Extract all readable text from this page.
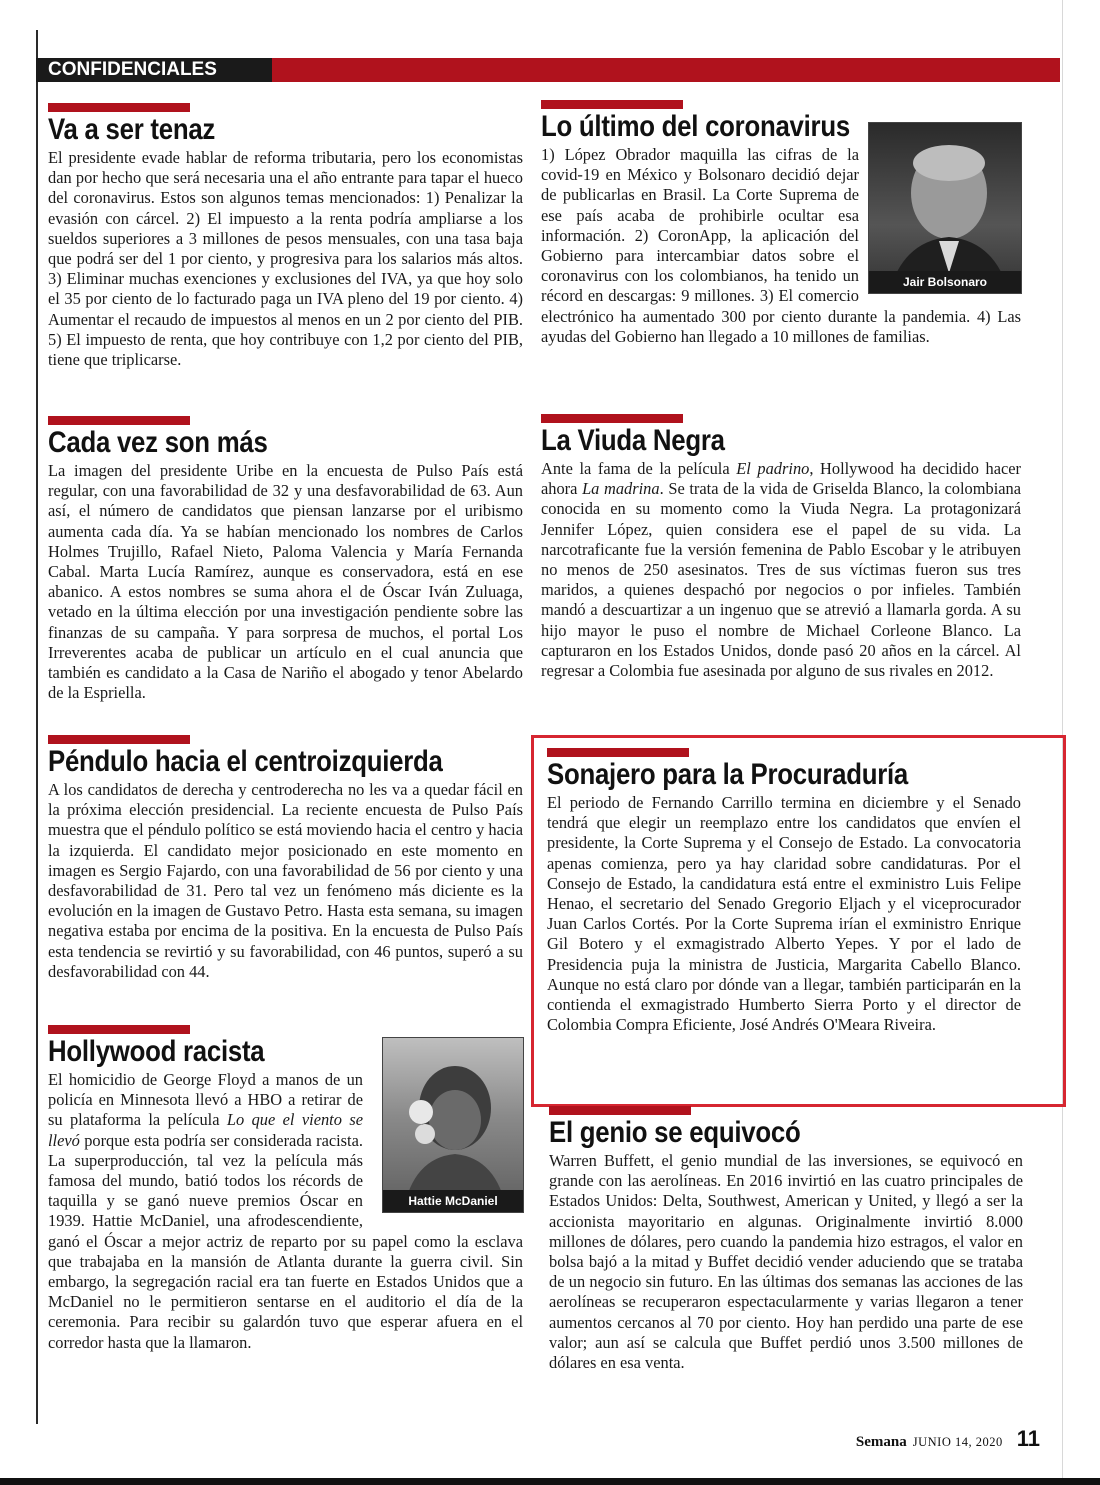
CONFIDENCIALES
Va a ser tenaz

El presidente evade hablar de reforma tributaria, pero los economistas dan por hecho que será necesaria una el año entrante para tapar el hueco del coronavirus. Estos son algunos temas mencionados: 1) Penalizar la evasión con cárcel. 2) El impuesto a la renta podría ampliarse a los sueldos superiores a 3 millones de pesos mensuales, con una tasa baja que podrá ser del 1 por ciento, y progresiva para los salarios más altos. 3) Eliminar muchas exenciones y exclusiones del IVA, ya que hoy solo el 35 por ciento de lo facturado paga un IVA pleno del 19 por ciento. 4) Aumentar el recaudo de impuestos al menos en un 2 por ciento del PIB. 5) El impuesto de renta, que hoy contribuye con 1,2 por ciento del PIB, tiene que triplicarse.

Cada vez son más

La imagen del presidente Uribe en la encuesta de Pulso País está regular, con una favorabilidad de 32 y una desfavorabilidad de 63. Aun así, el número de candidatos que piensan lanzarse por el uribismo aumenta cada día. Ya se habían mencionado los nombres de Carlos Holmes Trujillo, Rafael Nieto, Paloma Valencia y María Fernanda Cabal. Marta Lucía Ramírez, aunque es conservadora, está en ese abanico. A estos nombres se suma ahora el de Óscar Iván Zuluaga, vetado en la última elección por una investigación pendiente sobre las finanzas de su campaña. Y para sorpresa de muchos, el portal Los Irreverentes acaba de publicar un artículo en el cual anuncia que también es candidato a la Casa de Nariño el abogado y tenor Abelardo de la Espriella.

Péndulo hacia el centroizquierda

A los candidatos de derecha y centroderecha no les va a quedar fácil en la próxima elección presidencial. La reciente encuesta de Pulso País muestra que el péndulo político se está moviendo hacia el centro y hacia la izquierda. El candidato mejor posicionado en este momento en imagen es Sergio Fajardo, con una favorabilidad de 56 por ciento y una desfavorabilidad de 31. Pero tal vez un fenómeno más diciente es la evolución en la imagen de Gustavo Petro. Hasta esta semana, su imagen negativa estaba por encima de la positiva. En la encuesta de Pulso País esta tendencia se revirtió y su favorabilidad, con 46 puntos, superó a su desfavorabilidad con 44.

Hollywood racista

El homicidio de George Floyd a manos de un policía en Minnesota llevó a HBO a retirar de su plataforma la película Lo que el viento se llevó porque esta podría ser considerada racista. La superproducción, tal vez la película más famosa del mundo, batió todos los récords de taquilla y se ganó nueve premios Óscar en 1939. Hattie McDaniel, una afrodescendiente, ganó el Óscar a mejor actriz de reparto por su papel como la esclava que trabajaba en la mansión de Atlanta durante la guerra civil. Sin embargo, la segregación racial era tan fuerte en Estados Unidos que a McDaniel no le permitieron sentarse en el auditorio el día de la ceremonia. Para recibir su galardón tuvo que esperar afuera en el corredor hasta que la llamaron.

Hattie McDaniel
Lo último del coronavirus

1) López Obrador maquilla las cifras de la covid-19 en México y Bolsonaro decidió dejar de publicarlas en Brasil. La Corte Suprema de ese país acaba de prohibirle ocultar esa información. 2) CoronApp, la aplicación del Gobierno para intercambiar datos sobre el coronavirus con los colombianos, ha tenido un récord en descargas: 9 millones. 3) El comercio electrónico ha aumentado 300 por ciento durante la pandemia. 4) Las ayudas del Gobierno han llegado a 10 millones de familias.

Jair Bolsonaro
La Viuda Negra

Ante la fama de la película El padrino, Hollywood ha decidido hacer ahora La madrina. Se trata de la vida de Griselda Blanco, la colombiana conocida en su momento como la Viuda Negra. La protagonizará Jennifer López, quien considera ese el papel de su vida. La narcotraficante fue la versión femenina de Pablo Escobar y le atribuyen no menos de 250 asesinatos. Tres de sus víctimas fueron sus tres maridos, a quienes despachó por negocios o por infieles. También mandó a descuartizar a un ingenuo que se atrevió a llamarla gorda. A su hijo mayor le puso el nombre de Michael Corleone Blanco. La capturaron en los Estados Unidos, donde pasó 20 años en la cárcel. Al regresar a Colombia fue asesinada por alguno de sus rivales en 2012.

Sonajero para la Procuraduría

El periodo de Fernando Carrillo termina en diciembre y el Senado tendrá que elegir un reemplazo entre los candidatos que envíen el presidente, la Corte Suprema y el Consejo de Estado. La convocatoria apenas comienza, pero ya hay claridad sobre candidaturas. Por el Consejo de Estado, la candidatura está entre el exministro Luis Felipe Henao, el secretario del Senado Gregorio Eljach y el viceprocurador Juan Carlos Cortés. Por la Corte Suprema irían el exministro Enrique Gil Botero y el exmagistrado Alberto Yepes. Y por el lado de Presidencia puja la ministra de Justicia, Margarita Cabello Blanco. Aunque no está claro por dónde van a llegar, también participarán en la contienda el exmagistrado Humberto Sierra Porto y el director de Colombia Compra Eficiente, José Andrés O'Meara Riveira.

El genio se equivocó

Warren Buffett, el genio mundial de las inversiones, se equivocó en grande con las aerolíneas. En 2016 invirtió en las cuatro principales de Estados Unidos: Delta, Southwest, American y United, y llegó a ser la accionista mayoritario en algunas. Originalmente invirtió 8.000 millones de dólares, pero cuando la pandemia hizo estragos, el valor en bolsa bajó a la mitad y Buffet decidió vender aduciendo que se trataba de un negocio sin futuro. En las últimas dos semanas las acciones de las aerolíneas se recuperaron espectacularmente y varias llegaron a tener aumentos cercanos al 70 por ciento. Hoy han perdido una parte de ese valor; aun así se calcula que Buffet perdió unos 3.500 millones de dólares en esa venta.

Semana JUNIO 14, 2020 11
